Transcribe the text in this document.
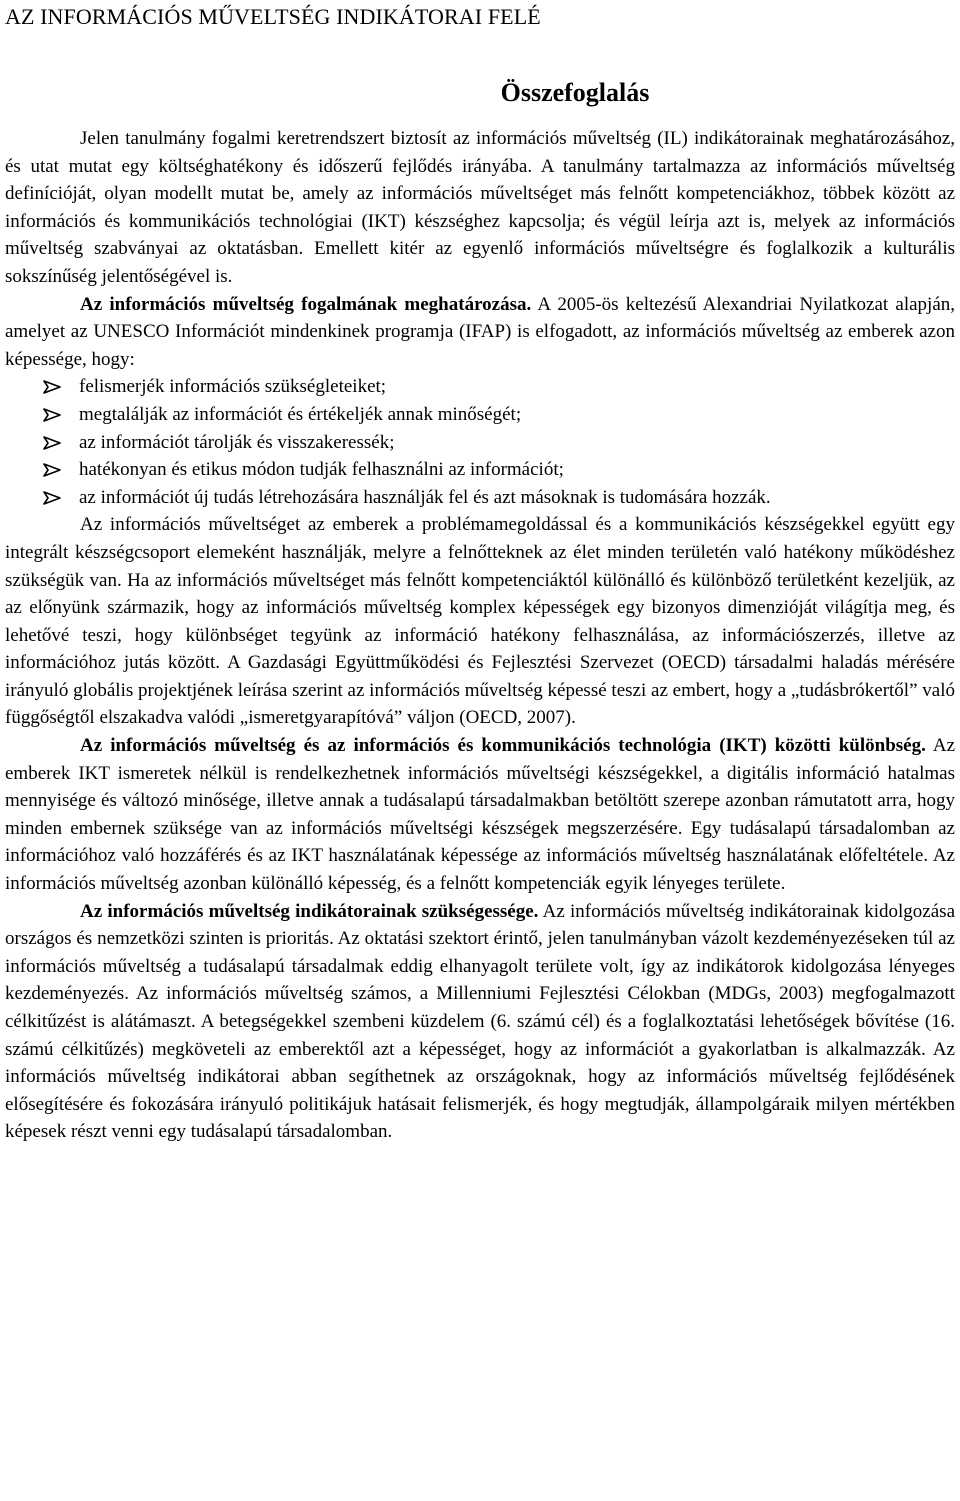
AZ INFORMÁCIÓS MŰVELTSÉG INDIKÁTORAI FELÉ
Összefoglalás

Jelen tanulmány fogalmi keretrendszert biztosít az információs műveltség (IL) indikátorainak meghatározásához, és utat mutat egy költséghatékony és időszerű fejlődés irányába. A tanulmány tartalmazza az információs műveltség definícióját, olyan modellt mutat be, amely az információs műveltséget más felnőtt kompetenciákhoz, többek között az információs és kommunikációs technológiai (IKT) készséghez kapcsolja; és végül leírja azt is, melyek az információs műveltség szabványai az oktatásban. Emellett kitér az egyenlő információs műveltségre és foglalkozik a kulturális sokszínűség jelentőségével is.

Az információs műveltség fogalmának meghatározása. A 2005-ös keltezésű Alexandriai Nyilatkozat alapján, amelyet az UNESCO Információt mindenkinek programja (IFAP) is elfogadott, az információs műveltség az emberek azon képessége, hogy:

felismerjék információs szükségleteiket;
megtalálják az információt és értékeljék annak minőségét;
az információt tárolják és visszakeressék;
hatékonyan és etikus módon tudják felhasználni az információt;
az információt új tudás létrehozására használják fel és azt másoknak is tudomására hozzák.

Az információs műveltséget az emberek a problémamegoldással és a kommunikációs készségekkel együtt egy integrált készségcsoport elemeként használják, melyre a felnőtteknek az élet minden területén való hatékony működéshez szükségük van. Ha az információs műveltséget más felnőtt kompetenciáktól különálló és különböző területként kezeljük, az az előnyünk származik, hogy az információs műveltség komplex képességek egy bizonyos dimenzióját világítja meg, és lehetővé teszi, hogy különbséget tegyünk az információ hatékony felhasználása, az információszerzés, illetve az információhoz jutás között. A Gazdasági Együttműködési és Fejlesztési Szervezet (OECD) társadalmi haladás mérésére irányuló globális projektjének leírása szerint az információs műveltség képessé teszi az embert, hogy a „tudásbrókertől” való függőségtől elszakadva valódi „ismeretgyarapítóvá” váljon (OECD, 2007).

Az információs műveltség és az információs és kommunikációs technológia (IKT) közötti különbség. Az emberek IKT ismeretek nélkül is rendelkezhetnek információs műveltségi készségekkel, a digitális információ hatalmas mennyisége és változó minősége, illetve annak a tudásalapú társadalmakban betöltött szerepe azonban rámutatott arra, hogy minden embernek szüksége van az információs műveltségi készségek megszerzésére. Egy tudásalapú társadalomban az információhoz való hozzáférés és az IKT használatának képessége az információs műveltség használatának előfeltétele. Az információs műveltség azonban különálló képesség, és a felnőtt kompetenciák egyik lényeges területe.

Az információs műveltség indikátorainak szükségessége. Az információs műveltség indikátorainak kidolgozása országos és nemzetközi szinten is prioritás. Az oktatási szektort érintő, jelen tanulmányban vázolt kezdeményezéseken túl az információs műveltség a tudásalapú társadalmak eddig elhanyagolt területe volt, így az indikátorok kidolgozása lényeges kezdeményezés. Az információs műveltség számos, a Millenniumi Fejlesztési Célokban (MDGs, 2003) megfogalmazott célkitűzést is alátámaszt. A betegségekkel szembeni küzdelem (6. számú cél) és a foglalkoztatási lehetőségek bővítése (16. számú célkitűzés) megköveteli az emberektől azt a képességet, hogy az információt a gyakorlatban is alkalmazzák. Az információs műveltség indikátorai abban segíthetnek az országoknak, hogy az információs műveltség fejlődésének elősegítésére és fokozására irányuló politikájuk hatásait felismerjék, és hogy megtudják, állampolgáraik milyen mértékben képesek részt venni egy tudásalapú társadalomban.
